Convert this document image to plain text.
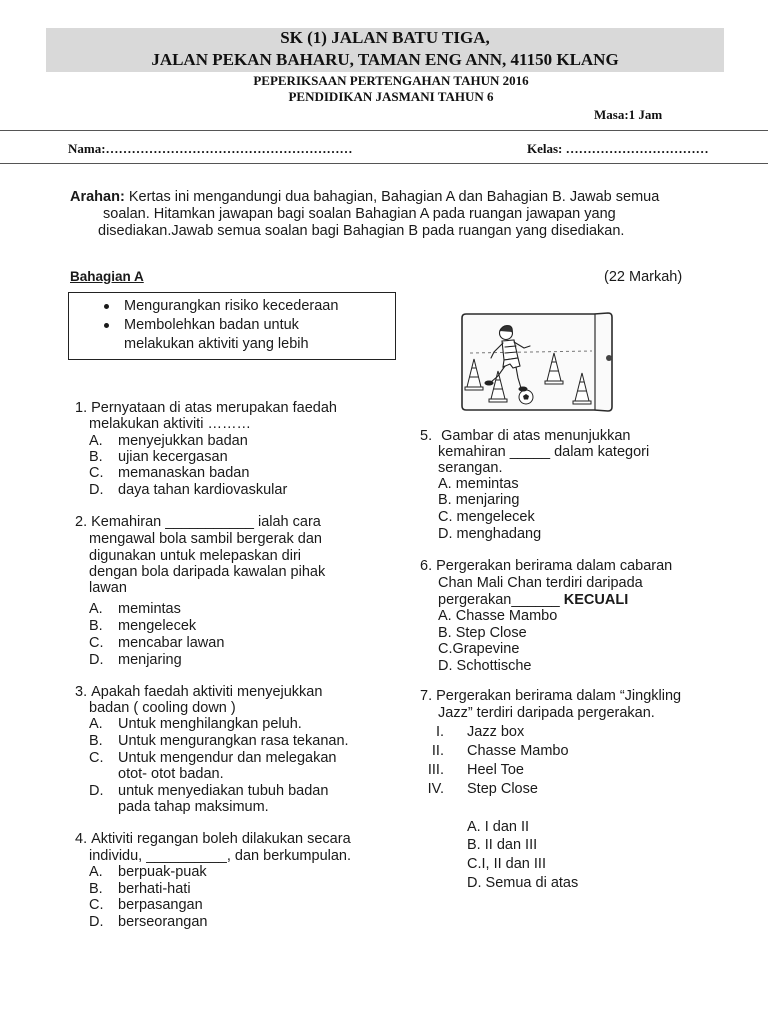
SK (1) JALAN BATU TIGA,
JALAN PEKAN BAHARU, TAMAN ENG ANN, 41150 KLANG
PEPERIKSAAN PERTENGAHAN TAHUN 2016
PENDIDIKAN JASMANI TAHUN 6
Masa:1 Jam
Nama:…………………………………………………	Kelas: ……………………………
Arahan: Kertas ini mengandungi dua bahagian, Bahagian A dan Bahagian B. Jawab semua
soalan. Hitamkan jawapan bagi soalan Bahagian A pada ruangan jawapan yang
disediakan.Jawab semua soalan bagi Bahagian B pada ruangan yang disediakan.
Bahagian A	(22 Markah)
Mengurangkan risiko kecederaan
Membolehkan badan untuk
melakukan aktiviti yang lebih
1. Pernyataan di atas merupakan faedah
melakukan aktiviti ………
A. menyejukkan badan
B. ujian kecergasan
C. memanaskan badan
D. daya tahan kardiovaskular
2. Kemahiran ___________ ialah cara
mengawal bola sambil bergerak dan
digunakan untuk melepaskan diri
dengan bola daripada kawalan pihak
lawan
A. memintas
B. mengelecek
C. mencabar lawan
D. menjaring
3. Apakah faedah aktiviti menyejukkan
badan ( cooling down )
A. Untuk menghilangkan peluh.
B. Untuk mengurangkan rasa tekanan.
C. Untuk mengendur dan melegakan
otot- otot badan.
D. untuk menyediakan tubuh badan
pada tahap maksimum.
4. Aktiviti regangan boleh dilakukan secara
individu, __________, dan berkumpulan.
A. berpuak-puak
B. berhati-hati
C. berpasangan
D. berseorangan
5. Gambar di atas menunjukkan
kemahiran _____ dalam kategori
serangan.
A. memintas
B. menjaring
C. mengelecek
D. menghadang
6. Pergerakan berirama dalam cabaran
Chan Mali Chan terdiri daripada
pergerakan______ KECUALI
A. Chasse Mambo
B. Step Close
C.Grapevine
D. Schottische
7. Pergerakan berirama dalam “Jingkling
Jazz” terdiri daripada pergerakan.
I. Jazz box
II. Chasse Mambo
III. Heel Toe
IV. Step Close
A. I dan II
B. II dan III
C.I, II dan III
D. Semua di atas
